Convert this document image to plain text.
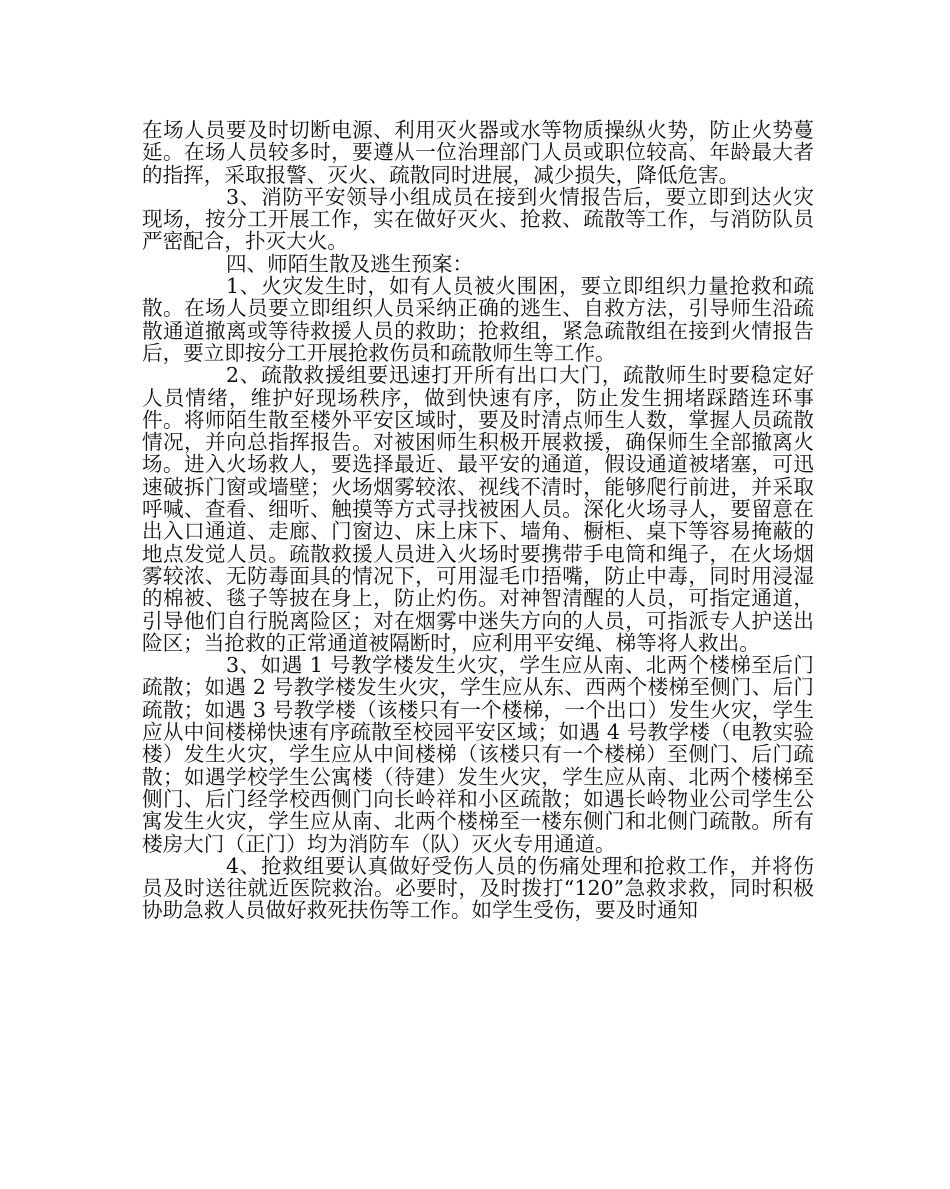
在场人员要及时切断电源、利用灭火器或水等物质操纵火势，防止火势蔓延。在场人员较多时，要遵从一位治理部门人员或职位较高、年龄最大者的指挥，采取报警、灭火、疏散同时进展，减少损失，降低危害。

3、消防平安领导小组成员在接到火情报告后，要立即到达火灾现场，按分工开展工作，实在做好灭火、抢救、疏散等工作，与消防队员严密配合，扑灭大火。

四、师陌生散及逃生预案：

1、火灾发生时，如有人员被火围困，要立即组织力量抢救和疏散。在场人员要立即组织人员采纳正确的逃生、自救方法，引导师生沿疏散通道撤离或等待救援人员的救助；抢救组，紧急疏散组在接到火情报告后，要立即按分工开展抢救伤员和疏散师生等工作。

2、疏散救援组要迅速打开所有出口大门，疏散师生时要稳定好人员情绪，维护好现场秩序，做到快速有序，防止发生拥堵踩踏连环事件。将师陌生散至楼外平安区域时，要及时清点师生人数，掌握人员疏散情况，并向总指挥报告。对被困师生积极开展救援，确保师生全部撤离火场。进入火场救人，要选择最近、最平安的通道，假设通道被堵塞，可迅速破拆门窗或墙壁；火场烟雾较浓、视线不清时，能够爬行前进，并采取呼喊、查看、细听、触摸等方式寻找被困人员。深化火场寻人，要留意在出入口通道、走廊、门窗边、床上床下、墙角、橱柜、桌下等容易掩蔽的地点发觉人员。疏散救援人员进入火场时要携带手电筒和绳子，在火场烟雾较浓、无防毒面具的情况下，可用湿毛巾捂嘴，防止中毒，同时用浸湿的棉被、毯子等披在身上，防止灼伤。对神智清醒的人员，可指定通道，引导他们自行脱离险区；对在烟雾中迷失方向的人员，可指派专人护送出险区；当抢救的正常通道被隔断时，应利用平安绳、梯等将人救出。

3、如遇 1 号教学楼发生火灾，学生应从南、北两个楼梯至后门疏散；如遇 2 号教学楼发生火灾，学生应从东、西两个楼梯至侧门、后门疏散；如遇 3 号教学楼（该楼只有一个楼梯，一个出口）发生火灾，学生应从中间楼梯快速有序疏散至校园平安区域；如遇 4 号教学楼（电教实验楼）发生火灾，学生应从中间楼梯（该楼只有一个楼梯）至侧门、后门疏散；如遇学校学生公寓楼（待建）发生火灾，学生应从南、北两个楼梯至侧门、后门经学校西侧门向长岭祥和小区疏散；如遇长岭物业公司学生公寓发生火灾，学生应从南、北两个楼梯至一楼东侧门和北侧门疏散。所有楼房大门（正门）均为消防车（队）灭火专用通道。

4、抢救组要认真做好受伤人员的伤痛处理和抢救工作，并将伤员及时送往就近医院救治。必要时，及时拨打“120”急救求救，同时积极协助急救人员做好救死扶伤等工作。如学生受伤，要及时通知
